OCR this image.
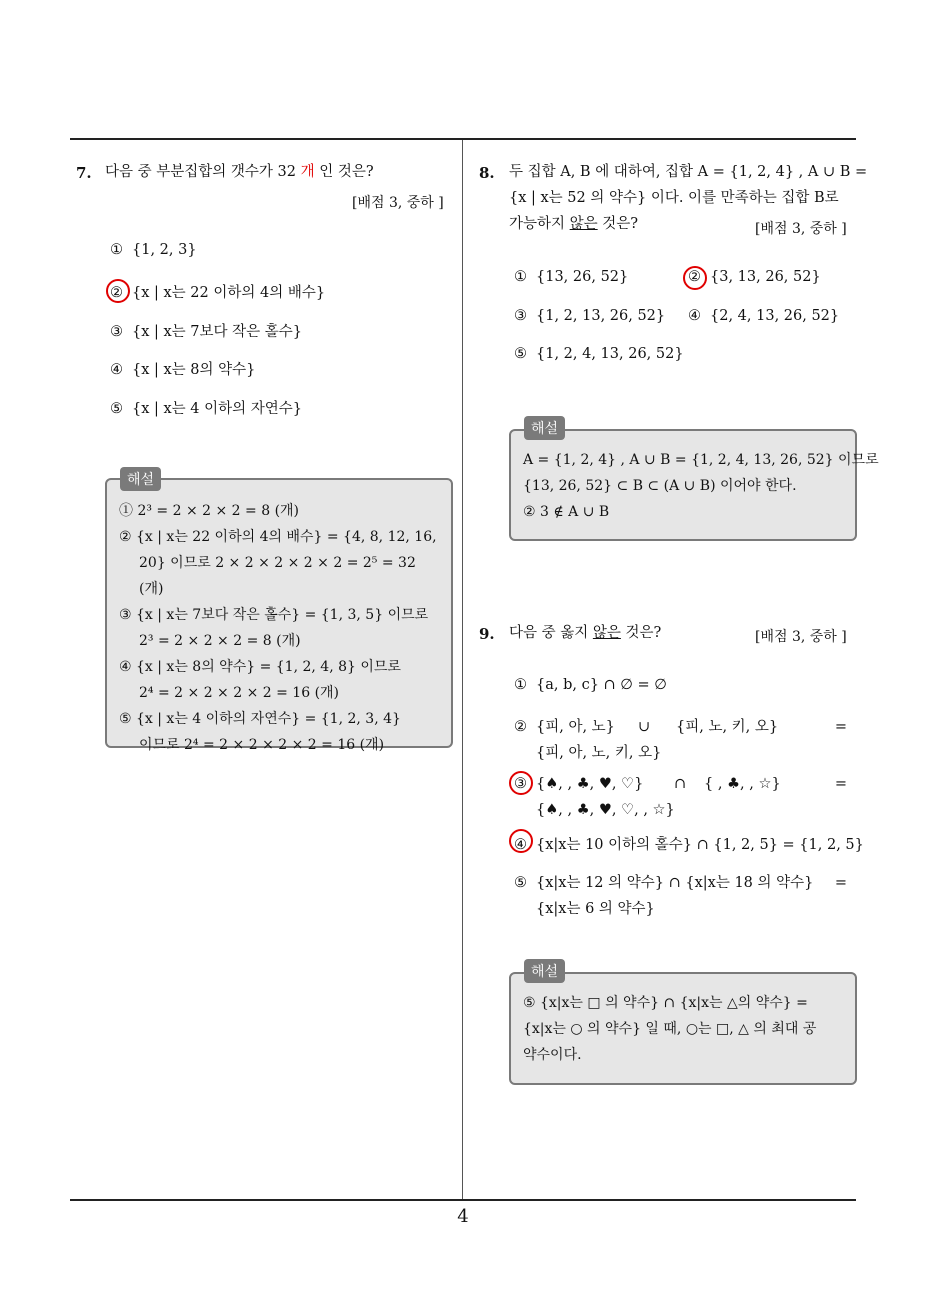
7. 다음 중 부분집합의 갯수가 32 개 인 것은?
[배점 3, 중하 ]
① {1, 2, 3}
② {x | x는 22 이하의 4의 배수}
③ {x | x는 7보다 작은 홀수}
④ {x | x는 8의 약수}
⑤ {x | x는 4 이하의 자연수}
① 2³ = 2 × 2 × 2 = 8 (개)
② {x | x는 22 이하의 4의 배수} = {4, 8, 12, 16,
20} 이므로 2 × 2 × 2 × 2 × 2 = 2⁵ = 32 (개)
③ {x | x는 7보다 작은 홀수} = {1, 3, 5} 이므로
2³ = 2 × 2 × 2 = 8 (개)
④ {x | x는 8의 약수} = {1, 2, 4, 8} 이므로
2⁴ = 2 × 2 × 2 × 2 = 16 (개)
⑤ {x | x는 4 이하의 자연수} = {1, 2, 3, 4}
이므로 2⁴ = 2 × 2 × 2 × 2 = 16 (개)
해설
8. 두 집합 A, B 에 대하여, 집합 A = {1, 2, 4} , A ∪ B =
{x | x는 52 의 약수} 이다. 이를 만족하는 집합 B로
가능하지 않은 것은?	[배점 3, 중하 ]
① {13, 26, 52}	② {3, 13, 26, 52}
③ {1, 2, 13, 26, 52} ④ {2, 4, 13, 26, 52}
⑤ {1, 2, 4, 13, 26, 52}
A = {1, 2, 4} , A ∪ B = {1, 2, 4, 13, 26, 52} 이므로
{13, 26, 52} ⊂ B ⊂ (A ∪ B) 이어야 한다.
② 3 ∉ A ∪ B
해설
9. 다음 중 옳지 않은 것은?	[배점 3, 중하 ]
① {a, b, c} ∩ ∅ = ∅
② {피, 아, 노} ∪ {피, 노, 키, 오}	=
{피, 아, 노, 키, 오}
③ {♠, , ♣, ♥, ♡} ∩ { , ♣, , ☆}	=
{♠, , ♣, ♥, ♡, , ☆}
④ {x|x는 10 이하의 홀수} ∩ {1, 2, 5} = {1, 2, 5}
⑤ {x|x는 12 의 약수} ∩ {x|x는 18 의 약수} =
{x|x는 6 의 약수}
⑤ {x|x는 □ 의 약수} ∩ {x|x는 △의 약수} =
{x|x는 ○ 의 약수} 일 때, ○는 □, △ 의 최대 공
약수이다.
해설
4
